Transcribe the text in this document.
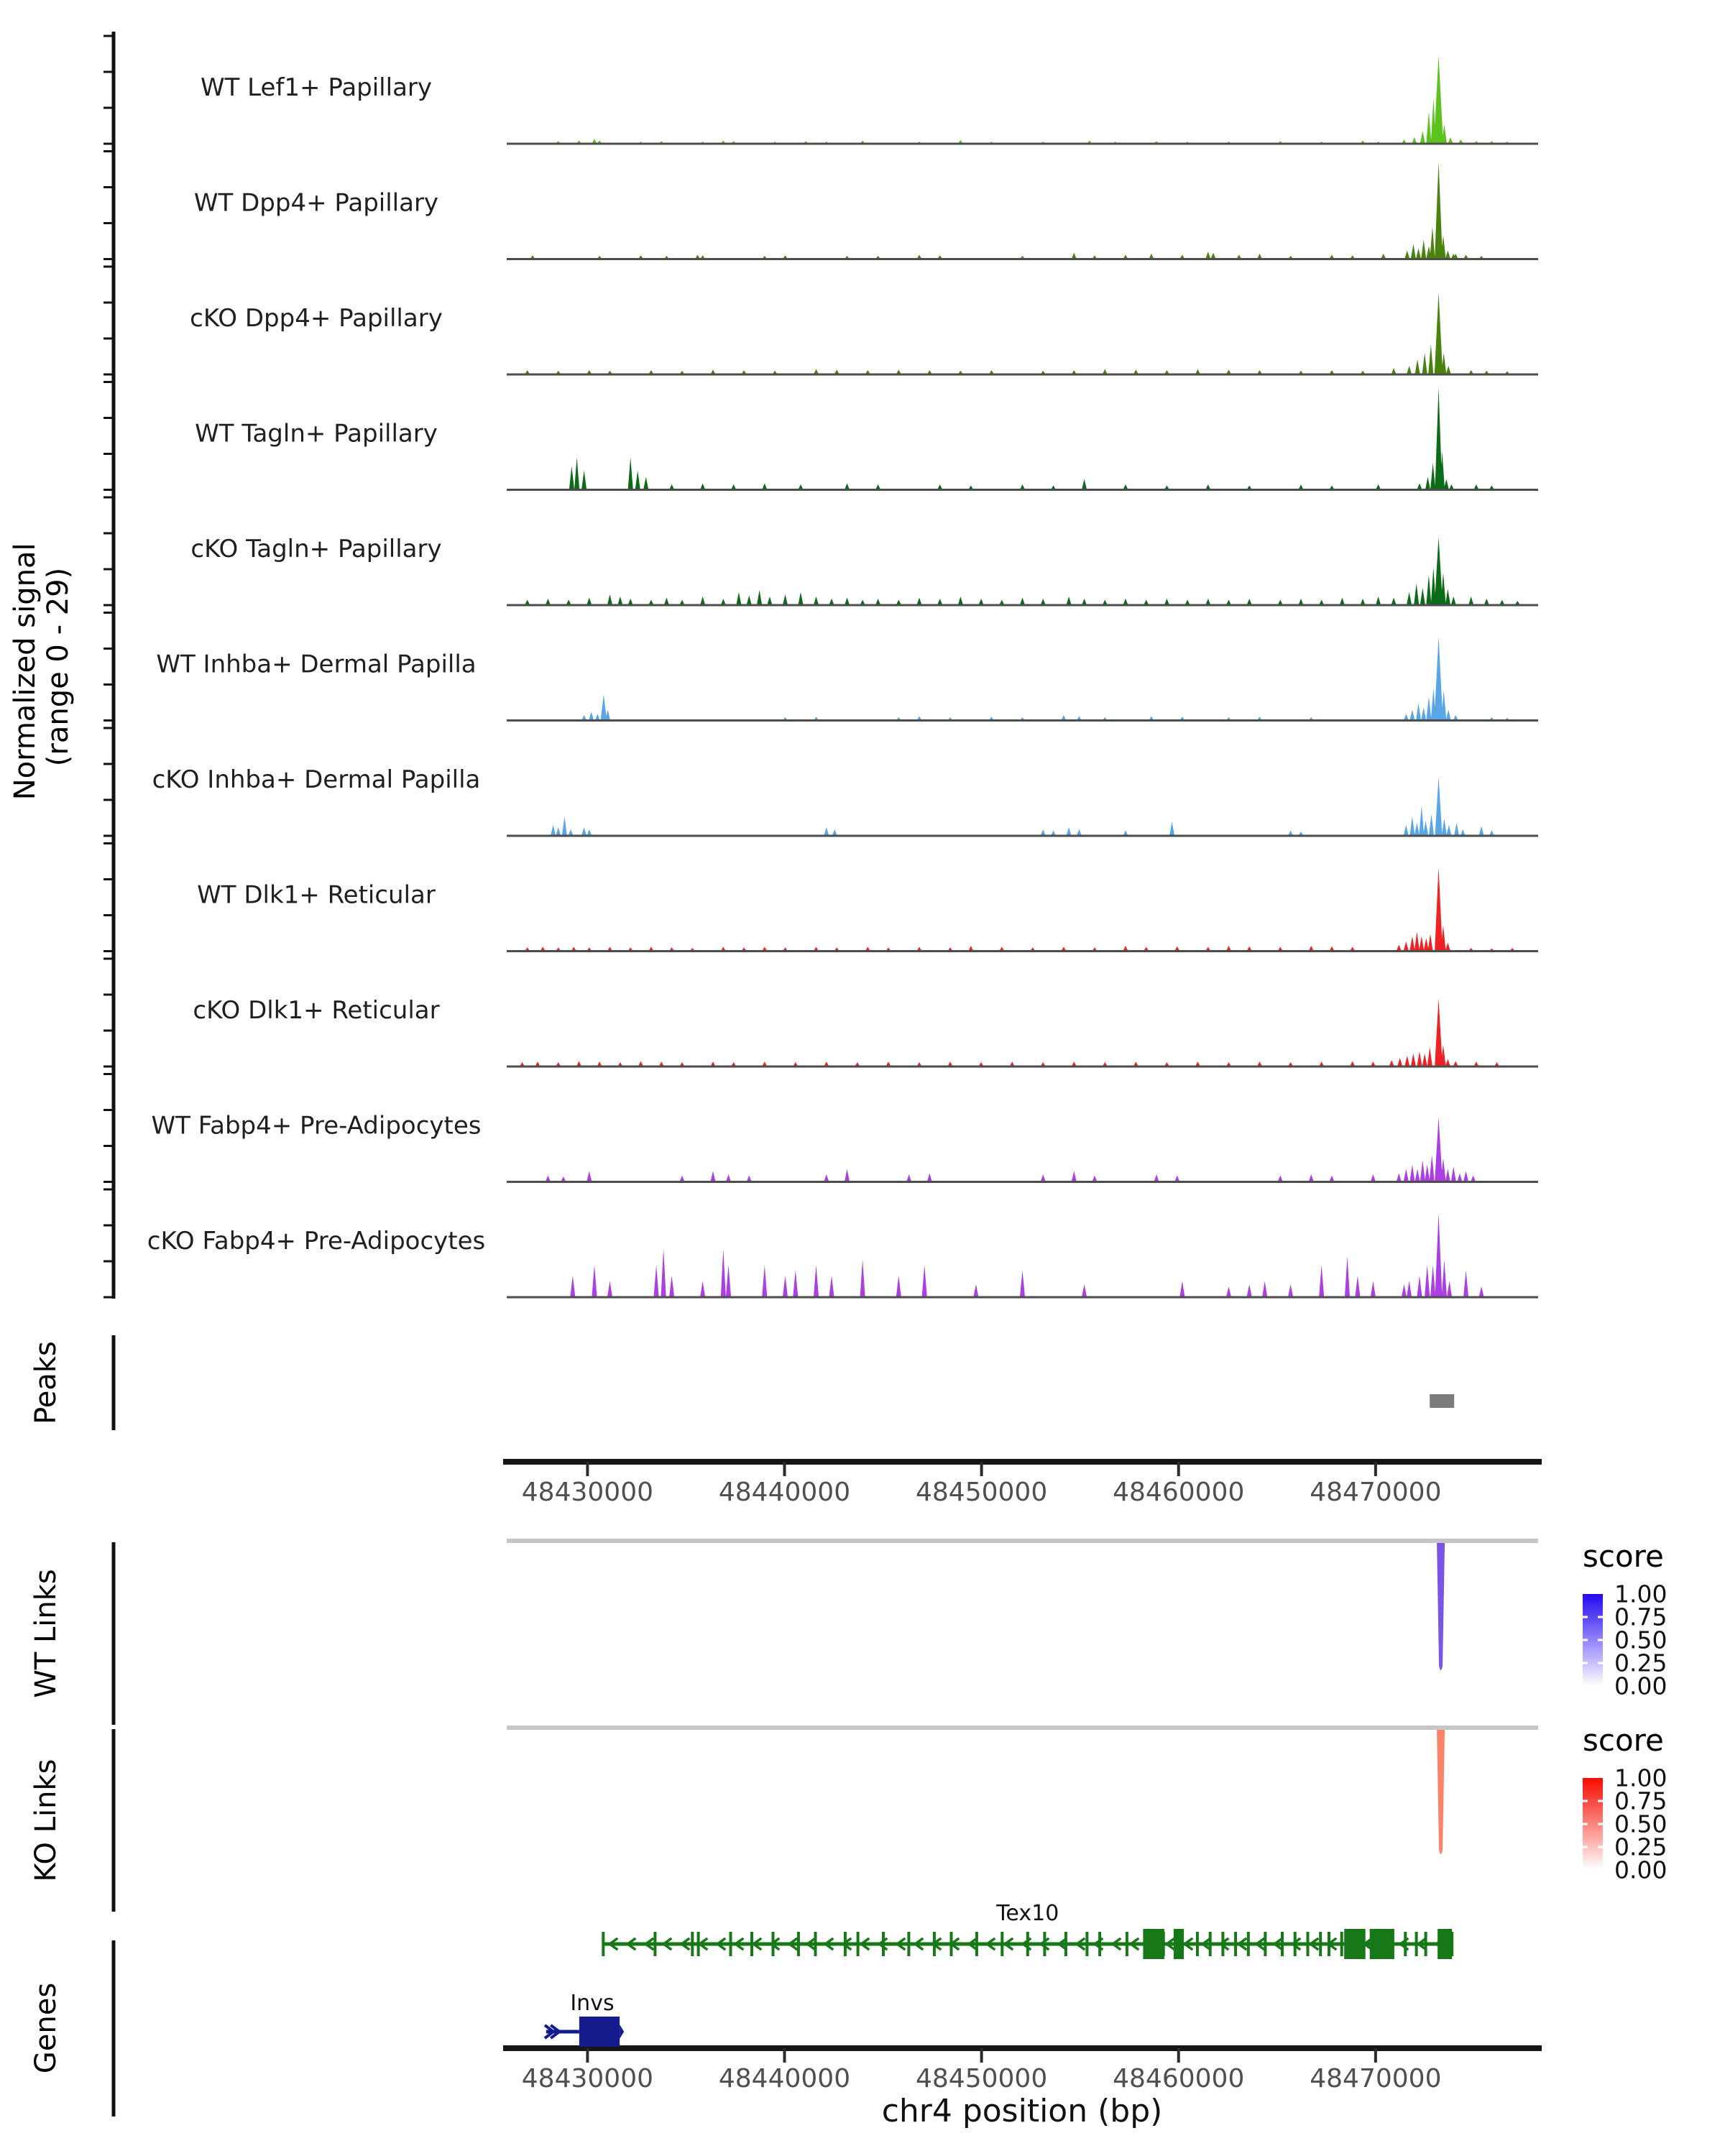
WT Lef1+ Papillary
WT Dpp4+ Papillary
cKO Dpp4+ Papillary
WT Tagln+ Papillary
cKO Tagln+ Papillary
WT Inhba+ Dermal Papilla
cKO Inhba+ Dermal Papilla
WT Dlk1+ Reticular
cKO Dlk1+ Reticular
WT Fabp4+ Pre-Adipocytes
cKO Fabp4+ Pre-Adipocytes
48430000	48440000	48450000	48460000	48470000
48430000	48440000	48450000	48460000	48470000
score
1.00
0.75
0.50
0.25
0.00
score
1.00
0.75
0.50
0.25
0.00
Tex10
Invs
Normalized signal (range 0 - 29)
Peaks
WT Links
KO Links
Genes
chr4 position (bp)
